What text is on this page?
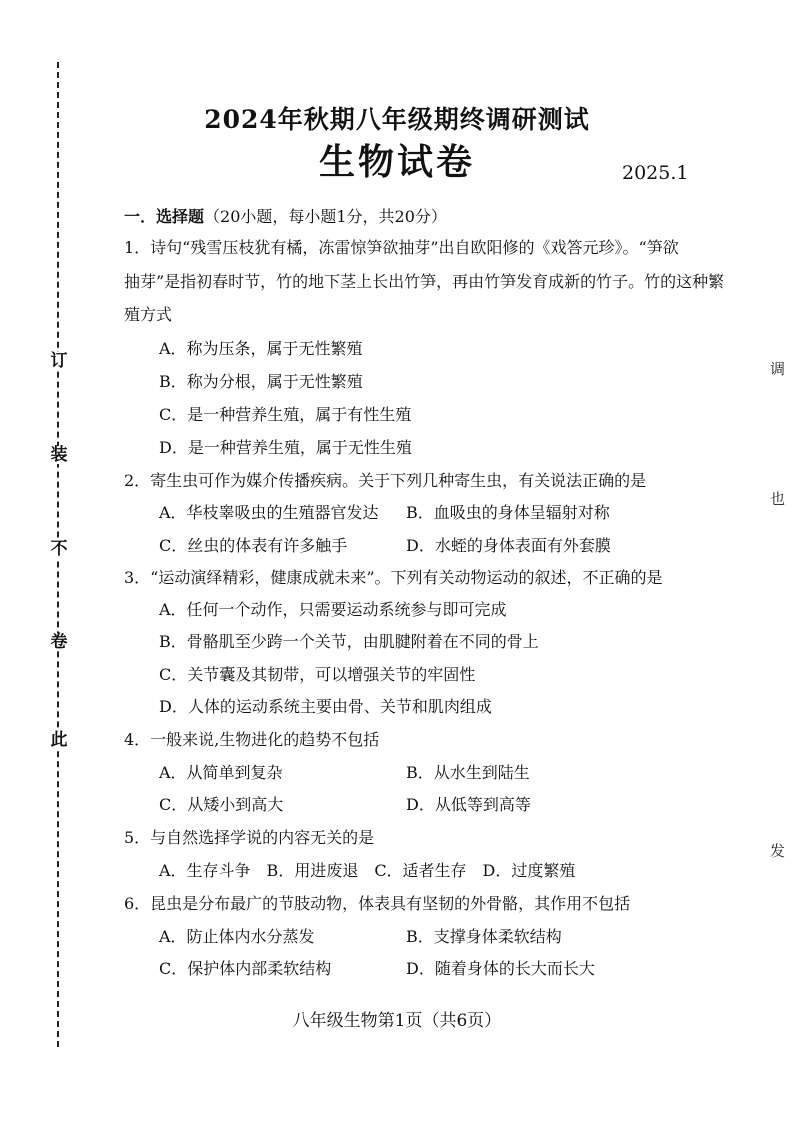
订
装
不
卷
此
调
也
发
2024年秋期八年级期终调研测试
生物试卷	2025.1
一．选择题（20小题，每小题1分，共20分）
1．诗句“残雪压枝犹有橘，冻雷惊笋欲抽芽”出自欧阳修的《戏答元珍》。“笋欲
抽芽”是指初春时节，竹的地下茎上长出竹笋，再由竹笋发育成新的竹子。竹的这种繁
殖方式
A．称为压条，属于无性繁殖
B．称为分根，属于无性繁殖
C．是一种营养生殖，属于有性生殖
D．是一种营养生殖，属于无性生殖
2．寄生虫可作为媒介传播疾病。关于下列几种寄生虫，有关说法正确的是
A．华枝睾吸虫的生殖器官发达 B．血吸虫的身体呈辐射对称
C．丝虫的体表有许多触手	D．水蛭的身体表面有外套膜
3．“运动演绎精彩，健康成就未来”。下列有关动物运动的叙述，不正确的是
A．任何一个动作，只需要运动系统参与即可完成
B．骨骼肌至少跨一个关节，由肌腱附着在不同的骨上
C．关节囊及其韧带，可以增强关节的牢固性
D．人体的运动系统主要由骨、关节和肌肉组成
4．一般来说,生物进化的趋势不包括
A．从简单到复杂	B．从水生到陆生
C．从矮小到高大	D．从低等到高等
5．与自然选择学说的内容无关的是
A．生存斗争　B．用进废退　C．适者生存　D．过度繁殖
6．昆虫是分布最广的节肢动物，体表具有坚韧的外骨骼，其作用不包括
A．防止体内水分蒸发	B．支撑身体柔软结构
C．保护体内部柔软结构	D．随着身体的长大而长大
八年级生物第1页（共6页）
